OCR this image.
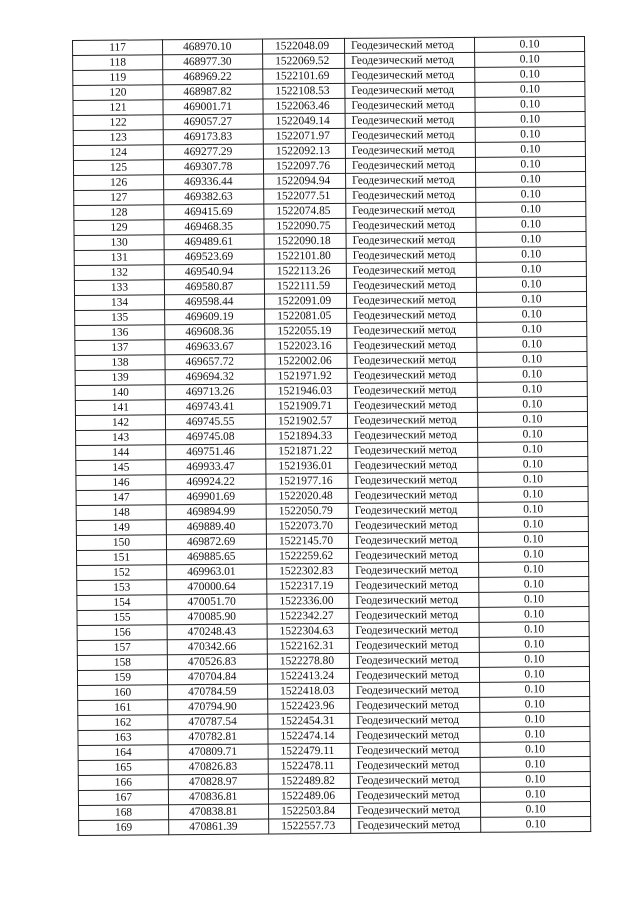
117	468970.10	1522048.09	Геодезический метод	0.10
118	468977.30	1522069.52	Геодезический метод	0.10
119	468969.22	1522101.69	Геодезический метод	0.10
120	468987.82	1522108.53	Геодезический метод	0.10
121	469001.71	1522063.46	Геодезический метод	0.10
122	469057.27	1522049.14	Геодезический метод	0.10
123	469173.83	1522071.97	Геодезический метод	0.10
124	469277.29	1522092.13	Геодезический метод	0.10
125	469307.78	1522097.76	Геодезический метод	0.10
126	469336.44	1522094.94	Геодезический метод	0.10
127	469382.63	1522077.51	Геодезический метод	0.10
128	469415.69	1522074.85	Геодезический метод	0.10
129	469468.35	1522090.75	Геодезический метод	0.10
130	469489.61	1522090.18	Геодезический метод	0.10
131	469523.69	1522101.80	Геодезический метод	0.10
132	469540.94	1522113.26	Геодезический метод	0.10
133	469580.87	1522111.59	Геодезический метод	0.10
134	469598.44	1522091.09	Геодезический метод	0.10
135	469609.19	1522081.05	Геодезический метод	0.10
136	469608.36	1522055.19	Геодезический метод	0.10
137	469633.67	1522023.16	Геодезический метод	0.10
138	469657.72	1522002.06	Геодезический метод	0.10
139	469694.32	1521971.92	Геодезический метод	0.10
140	469713.26	1521946.03	Геодезический метод	0.10
141	469743.41	1521909.71	Геодезический метод	0.10
142	469745.55	1521902.57	Геодезический метод	0.10
143	469745.08	1521894.33	Геодезический метод	0.10
144	469751.46	1521871.22	Геодезический метод	0.10
145	469933.47	1521936.01	Геодезический метод	0.10
146	469924.22	1521977.16	Геодезический метод	0.10
147	469901.69	1522020.48	Геодезический метод	0.10
148	469894.99	1522050.79	Геодезический метод	0.10
149	469889.40	1522073.70	Геодезический метод	0.10
150	469872.69	1522145.70	Геодезический метод	0.10
151	469885.65	1522259.62	Геодезический метод	0.10
152	469963.01	1522302.83	Геодезический метод	0.10
153	470000.64	1522317.19	Геодезический метод	0.10
154	470051.70	1522336.00	Геодезический метод	0.10
155	470085.90	1522342.27	Геодезический метод	0.10
156	470248.43	1522304.63	Геодезический метод	0.10
157	470342.66	1522162.31	Геодезический метод	0.10
158	470526.83	1522278.80	Геодезический метод	0.10
159	470704.84	1522413.24	Геодезический метод	0.10
160	470784.59	1522418.03	Геодезический метод	0.10
161	470794.90	1522423.96	Геодезический метод	0.10
162	470787.54	1522454.31	Геодезический метод	0.10
163	470782.81	1522474.14	Геодезический метод	0.10
164	470809.71	1522479.11	Геодезический метод	0.10
165	470826.83	1522478.11	Геодезический метод	0.10
166	470828.97	1522489.82	Геодезический метод	0.10
167	470836.81	1522489.06	Геодезический метод	0.10
168	470838.81	1522503.84	Геодезический метод	0.10
169	470861.39	1522557.73	Геодезический метод	0.10
